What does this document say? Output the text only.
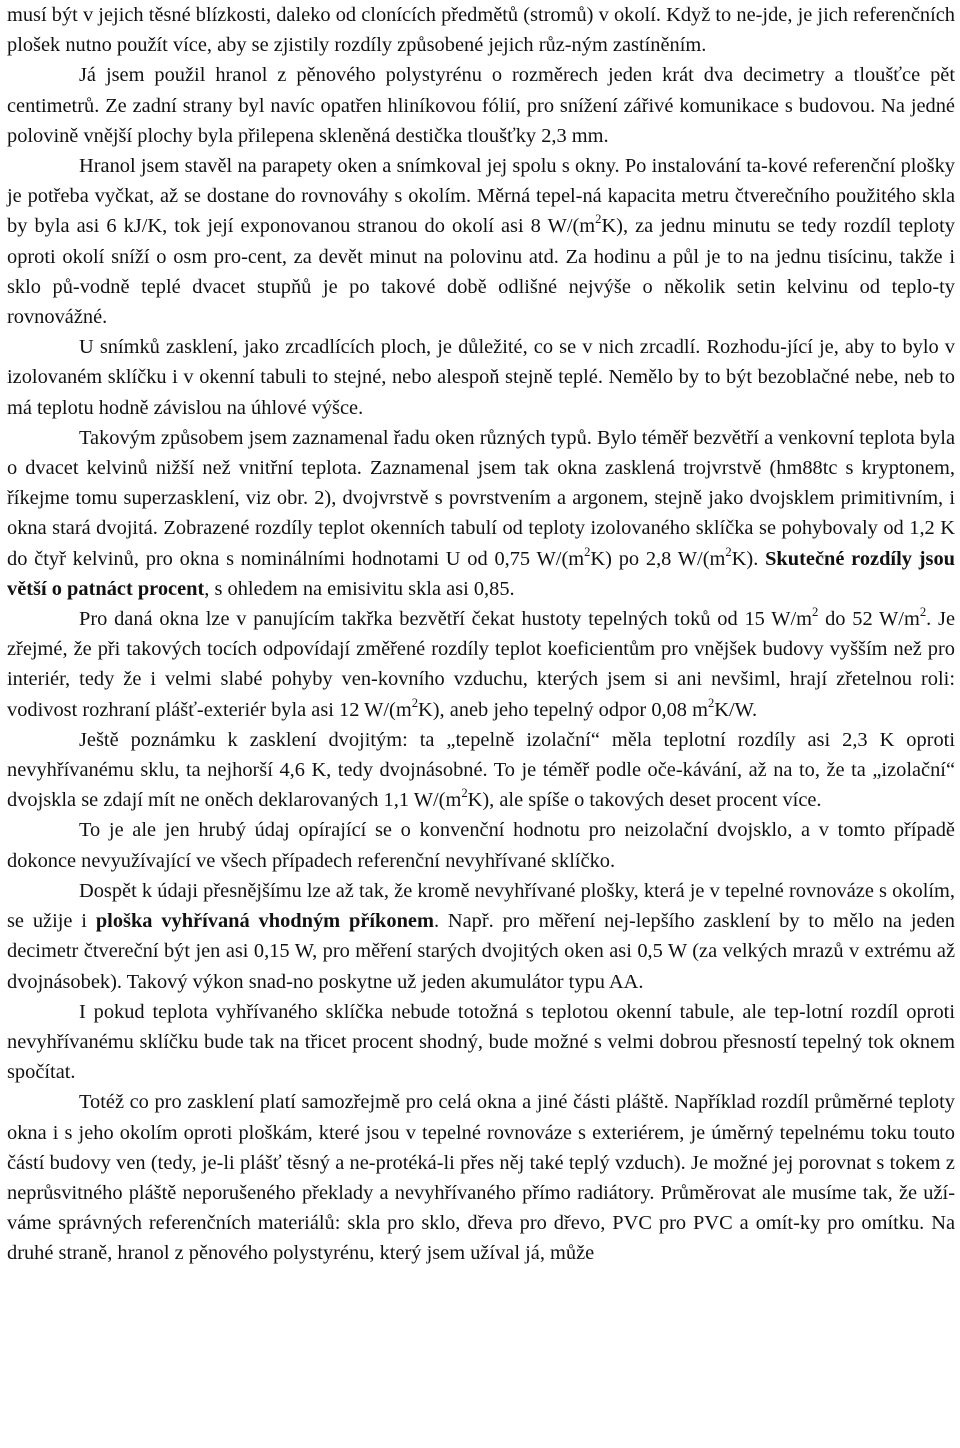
musí být v jejich těsné blízkosti, daleko od clonících předmětů (stromů) v okolí. Když to ne-jde, je jich referenčních plošek nutno použít více, aby se zjistily rozdíly způsobené jejich růz-ným zastíněním.

Já jsem použil hranol z pěnového polystyrénu o rozměrech jeden krát dva decimetry a tloušťce pět centimetrů. Ze zadní strany byl navíc opatřen hliníkovou fólií, pro snížení zářivé komunikace s budovou. Na jedné polovině vnější plochy byla přilepena skleněná destička tloušťky 2,3 mm.

Hranol jsem stavěl na parapety oken a snímkoval jej spolu s okny. Po instalování ta-kové referenční plošky je potřeba vyčkat, až se dostane do rovnováhy s okolím. Měrná tepel-ná kapacita metru čtverečního použitého skla by byla asi 6 kJ/K, tok její exponovanou stranou do okolí asi 8 $W/(m^2K)$, za jednu minutu se tedy rozdíl teploty oproti okolí sníží o osm pro-cent, za devět minut na polovinu atd. Za hodinu a půl je to na jednu tisícinu, takže i sklo pů-vodně teplé dvacet stupňů je po takové době odlišné nejvýše o několik setin kelvinu od teplo-ty rovnovážné.

U snímků zasklení, jako zrcadlících ploch, je důležité, co se v nich zrcadlí. Rozhodu-jící je, aby to bylo v izolovaném sklíčku i v okenní tabuli to stejné, nebo alespoň stejně teplé. Nemělo by to být bezoblačné nebe, neb to má teplotu hodně závislou na úhlové výšce.

Takovým způsobem jsem zaznamenal řadu oken různých typů. Bylo téměř bezvětří a venkovní teplota byla o dvacet kelvinů nižší než vnitřní teplota. Zaznamenal jsem tak okna zasklená trojvrstvě (hm88tc s kryptonem, říkejme tomu superzasklení, viz obr. 2), dvojvrstvě s povrstvením a argonem, stejně jako dvojsklem primitivním, i okna stará dvojitá. Zobrazené rozdíly teplot okenních tabulí od teploty izolovaného sklíčka se pohybovaly od 1,2 K do čtyř kelvinů, pro okna s nominálními hodnotami U od 0,75 $W/(m^2K)$ po 2,8 $W/(m^2K)$. Skutečné rozdíly jsou větší o patnáct procent, s ohledem na emisivitu skla asi 0,85.

Pro daná okna lze v panujícím takřka bezvětří čekat hustoty tepelných toků od 15 $W/m^2$ do 52 $W/m^2$. Je zřejmé, že při takových tocích odpovídají změřené rozdíly teplot koeficientům pro vnějšek budovy vyšším než pro interiér, tedy že i velmi slabé pohyby ven-kovního vzduchu, kterých jsem si ani nevšiml, hrají zřetelnou roli: vodivost rozhraní plášť-exteriér byla asi 12 $W/(m^2K)$, aneb jeho tepelný odpor 0,08 $m^2K/W$.

Ještě poznámku k zasklení dvojitým: ta „tepelně izolační“ měla teplotní rozdíly asi 2,3 K oproti nevyhřívanému sklu, ta nejhorší 4,6 K, tedy dvojnásobné. To je téměř podle oče-kávání, až na to, že ta „izolační“ dvojskla se zdají mít ne oněch deklarovaných 1,1 $W/(m^2K)$, ale spíše o takových deset procent více.

To je ale jen hrubý údaj opírající se o konvenční hodnotu pro neizolační dvojsklo, a v tomto případě dokonce nevyužívající ve všech případech referenční nevyhřívané sklíčko.

Dospět k údaji přesnějšímu lze až tak, že kromě nevyhřívané plošky, která je v tepelné rovnováze s okolím, se užije i ploška vyhřívaná vhodným příkonem. Např. pro měření nej-lepšího zasklení by to mělo na jeden decimetr čtvereční být jen asi 0,15 W, pro měření starých dvojitých oken asi 0,5 W (za velkých mrazů v extrému až dvojnásobek). Takový výkon snad-no poskytne už jeden akumulátor typu AA.

I pokud teplota vyhřívaného sklíčka nebude totožná s teplotou okenní tabule, ale tep-lotní rozdíl oproti nevyhřívanému sklíčku bude tak na třicet procent shodný, bude možné s velmi dobrou přesností tepelný tok oknem spočítat.

Totéž co pro zasklení platí samozřejmě pro celá okna a jiné části pláště. Například rozdíl průměrné teploty okna i s jeho okolím oproti ploškám, které jsou v tepelné rovnováze s exteriérem, je úměrný tepelnému toku touto částí budovy ven (tedy, je-li plášť těsný a ne-protéká-li přes něj také teplý vzduch). Je možné jej porovnat s tokem z neprůsvitného pláště neporušeného překlady a nevyhřívaného přímo radiátory. Průměrovat ale musíme tak, že uží-váme správných referenčních materiálů: skla pro sklo, dřeva pro dřevo, PVC pro PVC a omít-ky pro omítku. Na druhé straně, hranol z pěnového polystyrénu, který jsem užíval já, může
